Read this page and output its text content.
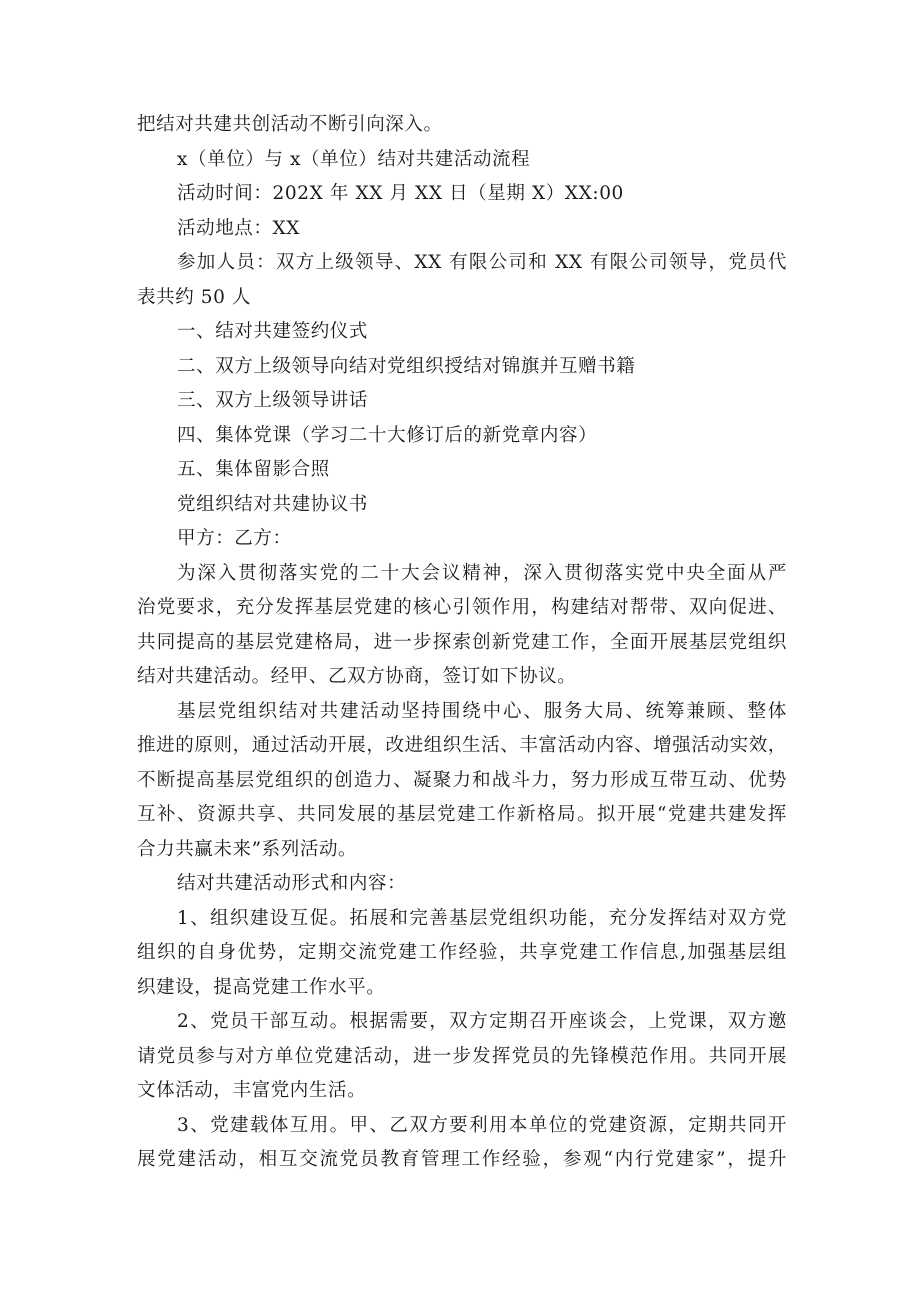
把结对共建共创活动不断引向深入。
x（单位）与 x（单位）结对共建活动流程
活动时间：202X 年 XX 月 XX 日（星期 X）XX:00
活动地点：XX
参加人员：双方上级领导、XX 有限公司和 XX 有限公司领导，党员代
表共约 50 人
一、结对共建签约仪式
二、双方上级领导向结对党组织授结对锦旗并互赠书籍
三、双方上级领导讲话
四、集体党课（学习二十大修订后的新党章内容）
五、集体留影合照
党组织结对共建协议书
甲方：乙方：
为深入贯彻落实党的二十大会议精神，深入贯彻落实党中央全面从严
治党要求，充分发挥基层党建的核心引领作用，构建结对帮带、双向促进、
共同提高的基层党建格局，进一步探索创新党建工作，全面开展基层党组织
结对共建活动。经甲、乙双方协商，签订如下协议。
基层党组织结对共建活动坚持围绕中心、服务大局、统筹兼顾、整体
推进的原则，通过活动开展，改进组织生活、丰富活动内容、增强活动实效，
不断提高基层党组织的创造力、凝聚力和战斗力，努力形成互带互动、优势
互补、资源共享、共同发展的基层党建工作新格局。拟开展“党建共建发挥
合力共赢未来”系列活动。
结对共建活动形式和内容：
1、组织建设互促。拓展和完善基层党组织功能，充分发挥结对双方党
组织的自身优势，定期交流党建工作经验，共享党建工作信息,加强基层组
织建设，提高党建工作水平。
2、党员干部互动。根据需要，双方定期召开座谈会，上党课，双方邀
请党员参与对方单位党建活动，进一步发挥党员的先锋模范作用。共同开展
文体活动，丰富党内生活。
3、党建载体互用。甲、乙双方要利用本单位的党建资源，定期共同开
展党建活动，相互交流党员教育管理工作经验，参观“内行党建家”，提升
